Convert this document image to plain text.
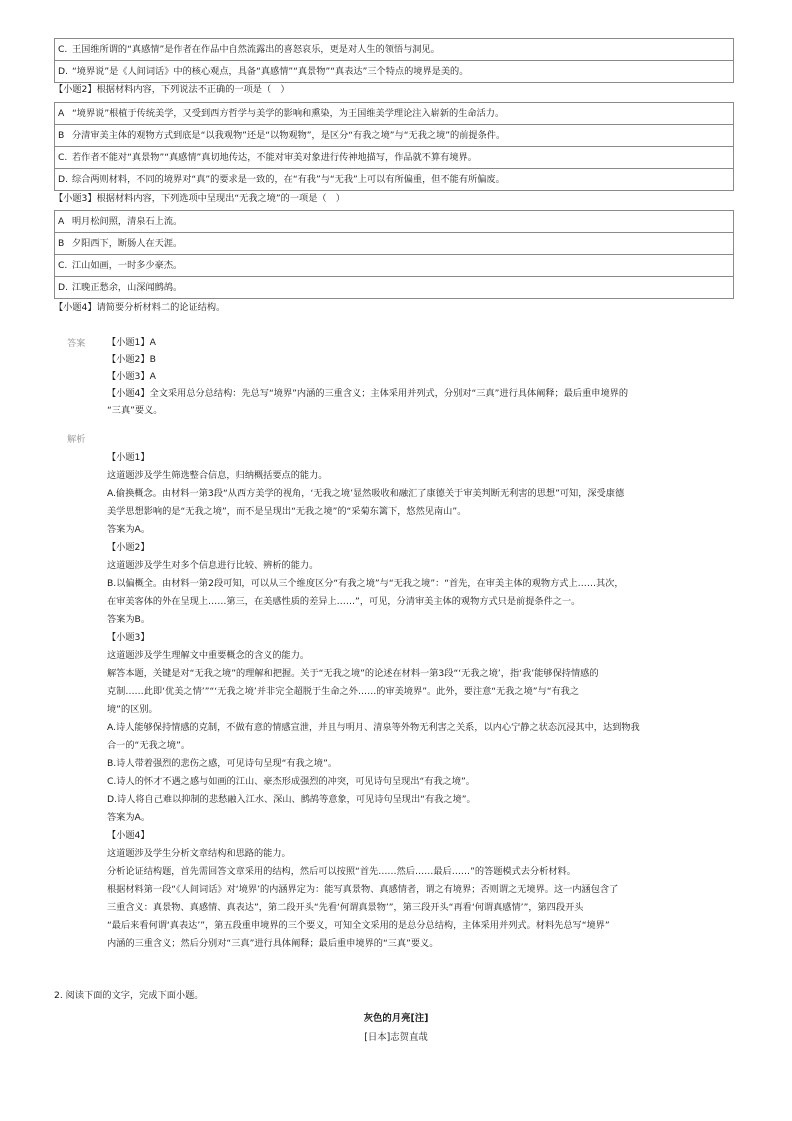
C. 王国维所谓的“真感情”是作者在作品中自然流露出的喜怒哀乐，更是对人生的领悟与洞见。
D. “境界说”是《人间词话》中的核心观点，具备“真感情”“真景物”“真表达”三个特点的境界是美的。
【小题2】根据材料内容，下列说法不正确的一项是（　）
A “境界说”根植于传统美学，又受到西方哲学与美学的影响和熏染，为王国维美学理论注入崭新的生命活力。
B 分清审美主体的观物方式到底是“以我观物”还是“以物观物”，是区分“有我之境”与“无我之境”的前提条件。
C. 若作者不能对“真景物”“真感情”真切地传达，不能对审美对象进行传神地描写，作品就不算有境界。
D. 综合两则材料，不同的境界对“真”的要求是一致的，在“有我”与“无我”上可以有所偏重，但不能有所偏废。
【小题3】根据材料内容，下列选项中呈现出“无我之境”的一项是（　）
A 明月松间照，清泉石上流。
B 夕阳西下，断肠人在天涯。
C. 江山如画，一时多少豪杰。
D. 江晚正愁余，山深闻鹧鸪。
【小题4】请简要分析材料二的论证结构。
答案 【小题1】A

【小题2】B

【小题3】A

【小题4】全文采用总分总结构：先总写“境界”内涵的三重含义；主体采用并列式，分别对“三真”进行具体阐释；最后重申境界的

“三真”要义。

解析

【小题1】

这道题涉及学生筛选整合信息，归纳概括要点的能力。

A.偷换概念。由材料一第3段“从西方美学的视角，‘无我之境’显然吸收和融汇了康德关于审美判断无利害的思想”可知，深受康德

美学思想影响的是“无我之境”，而不是呈现出“无我之境”的“采菊东篱下，悠然见南山”。

答案为A。

【小题2】

这道题涉及学生对多个信息进行比较、辨析的能力。

B.以偏概全。由材料一第2段可知，可以从三个维度区分“有我之境”与“无我之境”：“首先，在审美主体的观物方式上……其次，

在审美客体的外在呈现上……第三，在美感性质的差异上……”，可见，分清审美主体的观物方式只是前提条件之一。

答案为B。

【小题3】

这道题涉及学生理解文中重要概念的含义的能力。

解答本题，关键是对“无我之境”的理解和把握。关于“无我之境”的论述在材料一第3段“‘无我之境’，指‘我’能够保持情感的

克制……此即‘优美之情’”“‘无我之境’并非完全超脱于生命之外……的审美境界”。此外，要注意“无我之境”与“有我之

境”的区别。

A.诗人能够保持情感的克制，不做有意的情感宣泄，并且与明月、清泉等外物无利害之关系，以内心宁静之状态沉浸其中，达到物我

合一的“无我之境”。

B.诗人带着强烈的悲伤之感，可见诗句呈现“有我之境”。

C.诗人的怀才不遇之感与如画的江山、豪杰形成强烈的冲突，可见诗句呈现出“有我之境”。

D.诗人将自己难以抑制的悲愁融入江水、深山、鹧鸪等意象，可见诗句呈现出“有我之境”。

答案为A。

【小题4】

这道题涉及学生分析文章结构和思路的能力。

分析论证结构题，首先需回答文章采用的结构，然后可以按照“首先……然后……最后……”的答题模式去分析材料。

根据材料第一段“《人间词话》对‘境界’的内涵界定为：能写真景物、真感情者，谓之有境界；否则谓之无境界。这一内涵包含了

三重含义：真景物、真感情、真表达”，第二段开头“先看‘何谓真景物’”，第三段开头“再看‘何谓真感情’”，第四段开头

“最后来看何谓‘真表达’”，第五段重申境界的三个要义，可知全文采用的是总分总结构，主体采用并列式。材料先总写“境界”

内涵的三重含义；然后分别对“三真”进行具体阐释；最后重申境界的“三真”要义。

2. 阅读下面的文字，完成下面小题。
灰色的月亮[注]
[日本]志贺直哉
